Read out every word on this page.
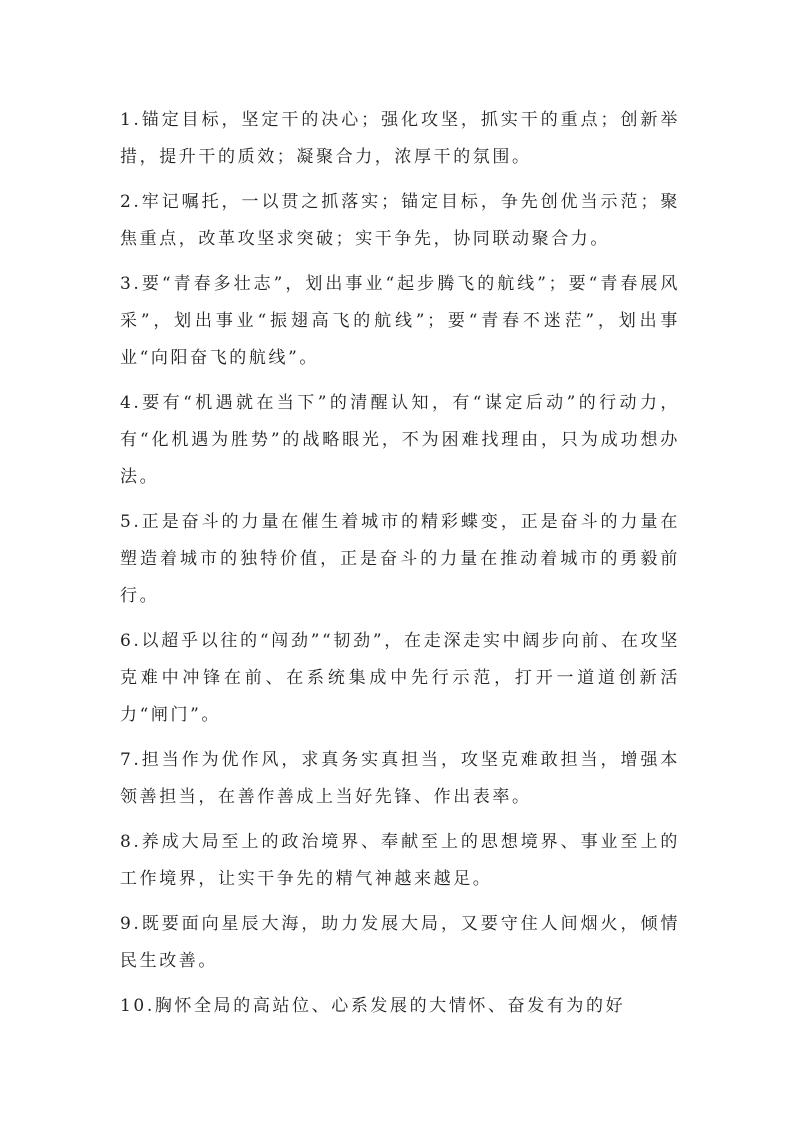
1.锚定目标，坚定干的决心；强化攻坚，抓实干的重点；创新举措，提升干的质效；凝聚合力，浓厚干的氛围。

2.牢记嘱托，一以贯之抓落实；锚定目标，争先创优当示范；聚焦重点，改革攻坚求突破；实干争先，协同联动聚合力。

3.要“青春多壮志”，划出事业“起步腾飞的航线”；要“青春展风采”，划出事业“振翅高飞的航线”；要“青春不迷茫”，划出事业“向阳奋飞的航线”。

4.要有“机遇就在当下”的清醒认知，有“谋定后动”的行动力，有“化机遇为胜势”的战略眼光，不为困难找理由，只为成功想办法。

5.正是奋斗的力量在催生着城市的精彩蝶变，正是奋斗的力量在塑造着城市的独特价值，正是奋斗的力量在推动着城市的勇毅前行。

6.以超乎以往的“闯劲”“韧劲”，在走深走实中阔步向前、在攻坚克难中冲锋在前、在系统集成中先行示范，打开一道道创新活力“闸门”。

7.担当作为优作风，求真务实真担当，攻坚克难敢担当，增强本领善担当，在善作善成上当好先锋、作出表率。

8.养成大局至上的政治境界、奉献至上的思想境界、事业至上的工作境界，让实干争先的精气神越来越足。

9.既要面向星辰大海，助力发展大局，又要守住人间烟火，倾情民生改善。

10.胸怀全局的高站位、心系发展的大情怀、奋发有为的好
